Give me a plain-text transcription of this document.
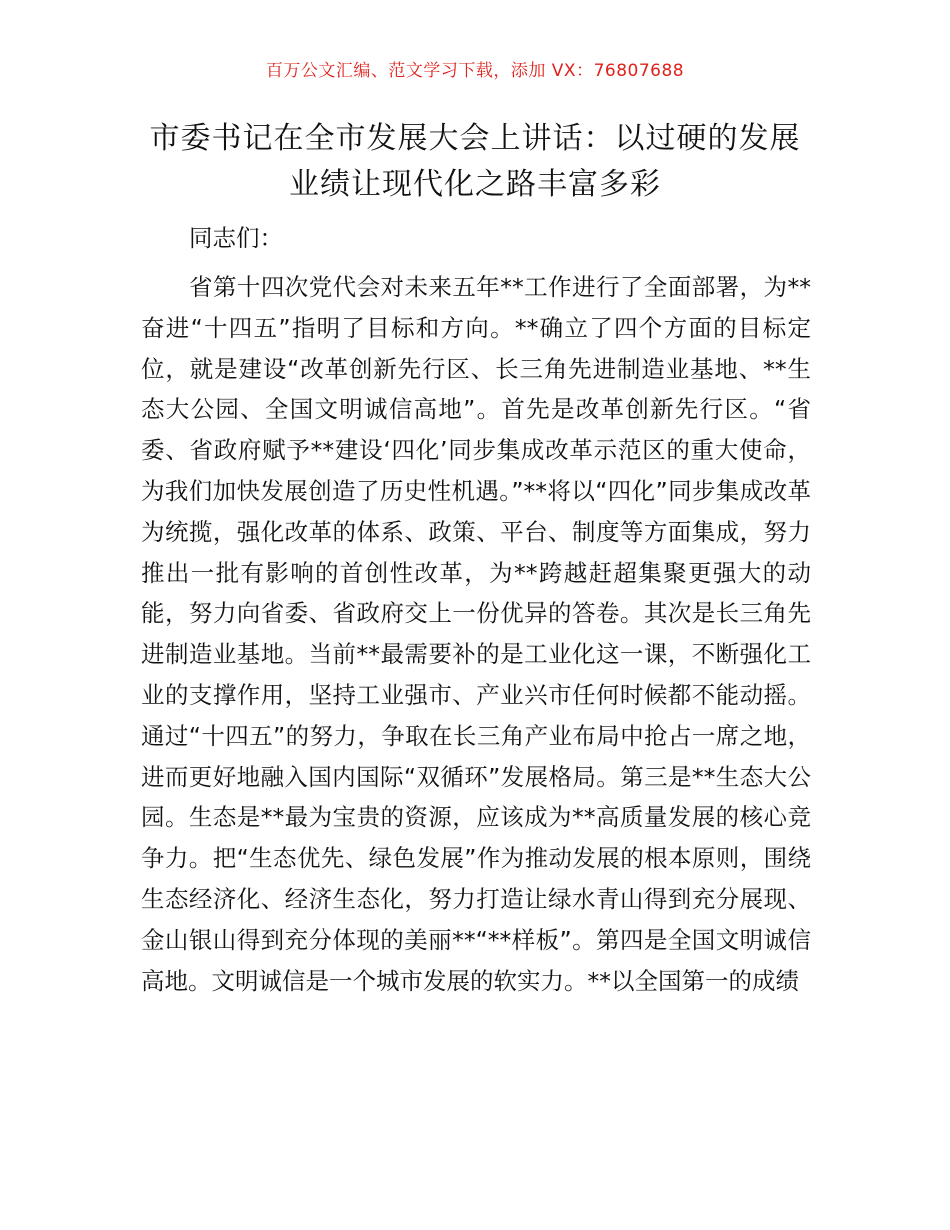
百万公文汇编、范文学习下载，添加 VX：76807688
市委书记在全市发展大会上讲话：以过硬的发展业绩让现代化之路丰富多彩
同志们：

省第十四次党代会对未来五年**工作进行了全面部署，为**奋进“十四五”指明了目标和方向。**确立了四个方面的目标定位，就是建设“改革创新先行区、长三角先进制造业基地、**生态大公园、全国文明诚信高地”。首先是改革创新先行区。“省委、省政府赋予**建设‘四化’同步集成改革示范区的重大使命，为我们加快发展创造了历史性机遇。”**将以“四化”同步集成改革为统揽，强化改革的体系、政策、平台、制度等方面集成，努力推出一批有影响的首创性改革，为**跨越赶超集聚更强大的动能，努力向省委、省政府交上一份优异的答卷。其次是长三角先进制造业基地。当前**最需要补的是工业化这一课，不断强化工业的支撑作用，坚持工业强市、产业兴市任何时候都不能动摇。通过“十四五”的努力，争取在长三角产业布局中抢占一席之地，进而更好地融入国内国际“双循环”发展格局。第三是**生态大公园。生态是**最为宝贵的资源，应该成为**高质量发展的核心竞争力。把“生态优先、绿色发展”作为推动发展的根本原则，围绕生态经济化、经济生态化，努力打造让绿水青山得到充分展现、金山银山得到充分体现的美丽**“**样板”。第四是全国文明诚信高地。文明诚信是一个城市发展的软实力。**以全国第一的成绩
